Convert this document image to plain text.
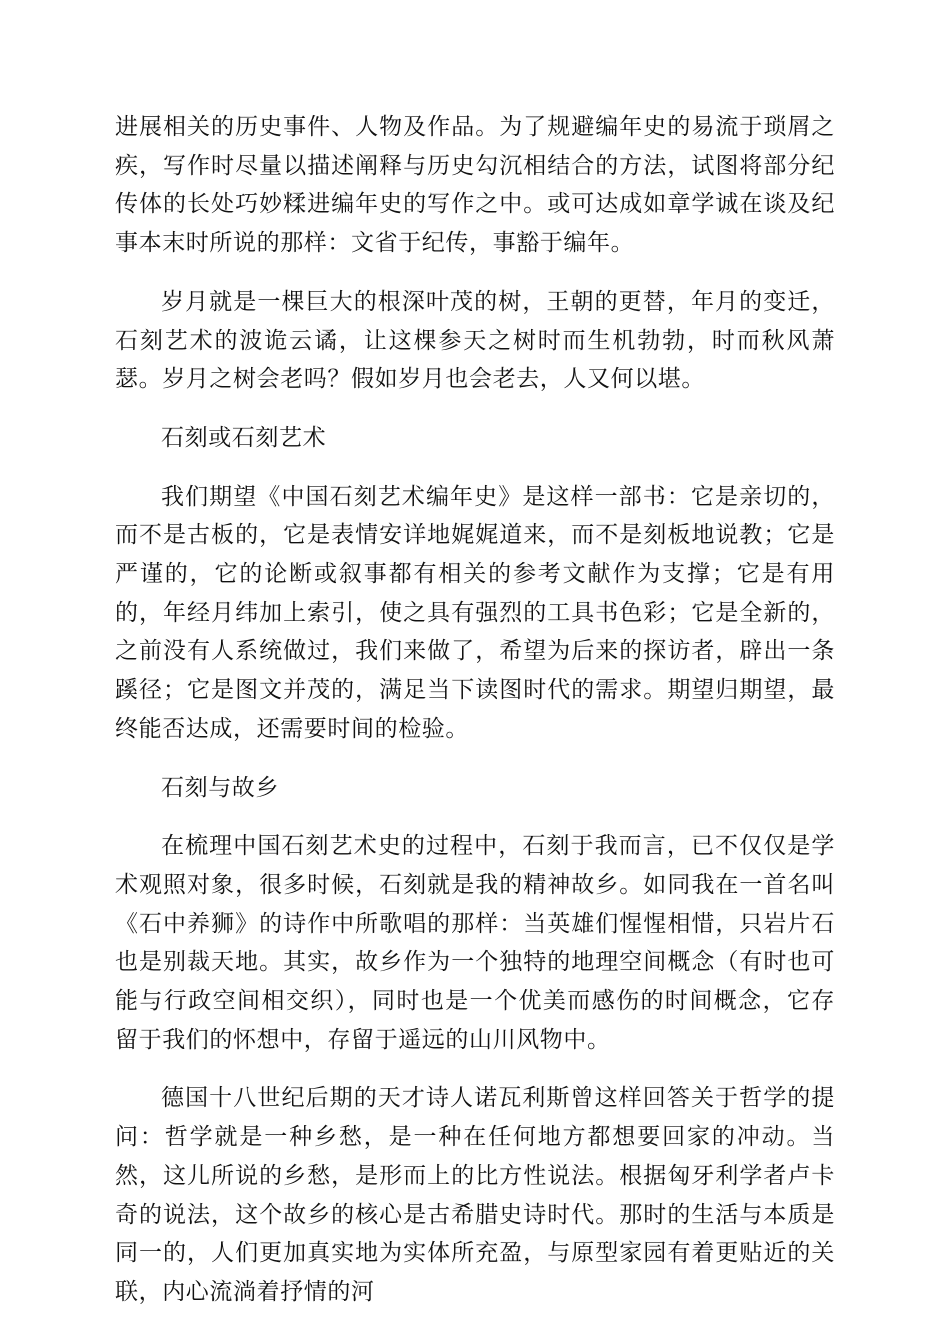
进展相关的历史事件、人物及作品。为了规避编年史的易流于琐屑之疾，写作时尽量以描述阐释与历史勾沉相结合的方法，试图将部分纪传体的长处巧妙糅进编年史的写作之中。或可达成如章学诚在谈及纪事本末时所说的那样：文省于纪传，事豁于编年。

岁月就是一棵巨大的根深叶茂的树，王朝的更替，年月的变迁，石刻艺术的波诡云谲，让这棵参天之树时而生机勃勃，时而秋风萧瑟。岁月之树会老吗？假如岁月也会老去，人又何以堪。

石刻或石刻艺术

我们期望《中国石刻艺术编年史》是这样一部书：它是亲切的，而不是古板的，它是表情安详地娓娓道来，而不是刻板地说教；它是严谨的，它的论断或叙事都有相关的参考文献作为支撑；它是有用的，年经月纬加上索引，使之具有强烈的工具书色彩；它是全新的，之前没有人系统做过，我们来做了，希望为后来的探访者，辟出一条蹊径；它是图文并茂的，满足当下读图时代的需求。期望归期望，最终能否达成，还需要时间的检验。

石刻与故乡

在梳理中国石刻艺术史的过程中，石刻于我而言，已不仅仅是学术观照对象，很多时候，石刻就是我的精神故乡。如同我在一首名叫《石中养狮》的诗作中所歌唱的那样：当英雄们惺惺相惜，只岩片石也是别裁天地。其实，故乡作为一个独特的地理空间概念（有时也可能与行政空间相交织），同时也是一个优美而感伤的时间概念，它存留于我们的怀想中，存留于遥远的山川风物中。

德国十八世纪后期的天才诗人诺瓦利斯曾这样回答关于哲学的提问：哲学就是一种乡愁，是一种在任何地方都想要回家的冲动。当然，这儿所说的乡愁，是形而上的比方性说法。根据匈牙利学者卢卡奇的说法，这个故乡的核心是古希腊史诗时代。那时的生活与本质是同一的，人们更加真实地为实体所充盈，与原型家园有着更贴近的关联，内心流淌着抒情的河
